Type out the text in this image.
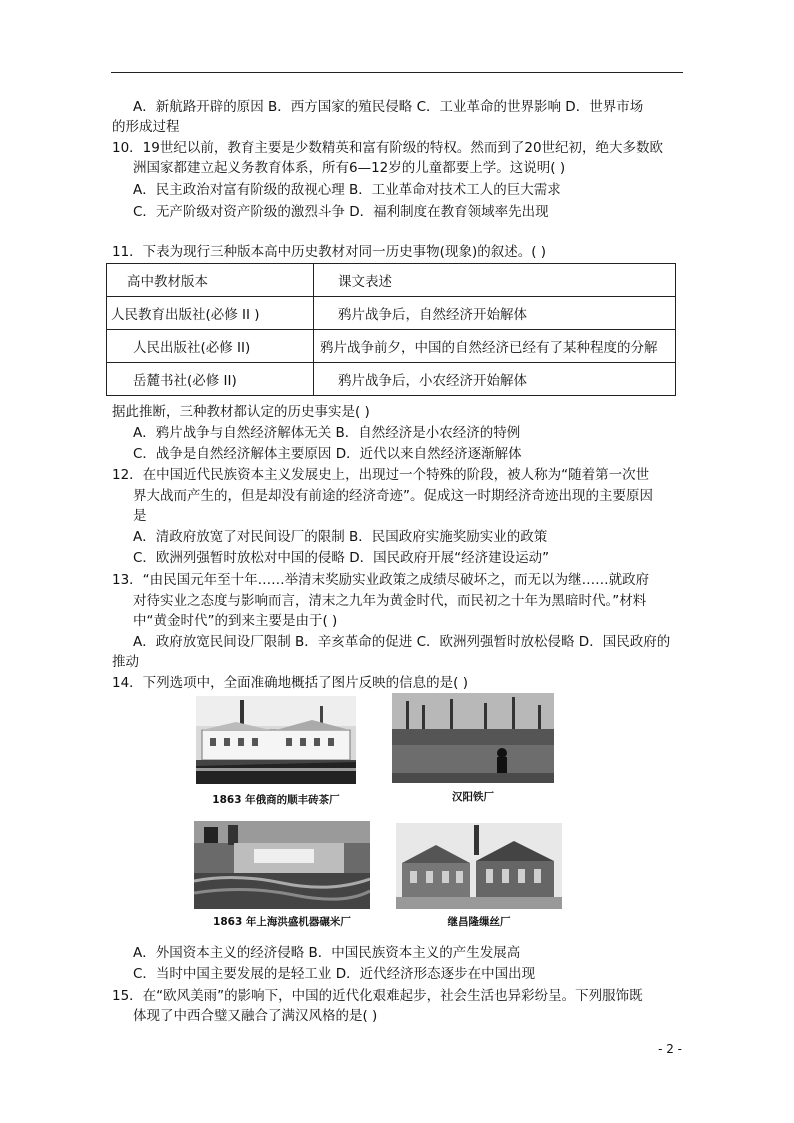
A．新航路开辟的原因 B．西方国家的殖民侵略 C．工业革命的世界影响 D．世界市场
的形成过程
10．19世纪以前，教育主要是少数精英和富有阶级的特权。然而到了20世纪初，绝大多数欧
洲国家都建立起义务教育体系，所有6—12岁的儿童都要上学。这说明( )
A．民主政治对富有阶级的敌视心理 B．工业革命对技术工人的巨大需求
C．无产阶级对资产阶级的激烈斗争 D．福利制度在教育领域率先出现
11．下表为现行三种版本高中历史教材对同一历史事物(现象)的叙述。( )
高中教材版本	课文表述
人民教育出版社(必修 II )	鸦片战争后，自然经济开始解体
人民出版社(必修 II)	鸦片战争前夕，中国的自然经济已经有了某种程度的分解
岳麓书社(必修 II)	鸦片战争后，小农经济开始解体
据此推断，三种教材都认定的历史事实是( )
A．鸦片战争与自然经济解体无关 B．自然经济是小农经济的特例
C．战争是自然经济解体主要原因 D．近代以来自然经济逐渐解体
12．在中国近代民族资本主义发展史上，出现过一个特殊的阶段，被人称为“随着第一次世
界大战而产生的，但是却没有前途的经济奇迹”。促成这一时期经济奇迹出现的主要原因
是
A．清政府放宽了对民间设厂的限制 B．民国政府实施奖励实业的政策
C．欧洲列强暂时放松对中国的侵略 D．国民政府开展“经济建设运动”
13．“由民国元年至十年……举清末奖励实业政策之成绩尽破坏之，而无以为继……就政府
对待实业之态度与影响而言，清末之九年为黄金时代，而民初之十年为黑暗时代。”材料
中“黄金时代”的到来主要是由于( )
A．政府放宽民间设厂限制 B．辛亥革命的促进 C．欧洲列强暂时放松侵略 D．国民政府的
推动
14．下列选项中，全面准确地概括了图片反映的信息的是( )
1863 年俄商的顺丰砖茶厂	汉阳铁厂
1863 年上海洪盛机器碾米厂	继昌隆缫丝厂
A．外国资本主义的经济侵略 B．中国民族资本主义的产生发展高
C．当时中国主要发展的是轻工业 D．近代经济形态逐步在中国出现
15．在“欧风美雨”的影响下，中国的近代化艰难起步，社会生活也异彩纷呈。下列服饰既
体现了中西合璧又融合了满汉风格的是( )
- 2 -
